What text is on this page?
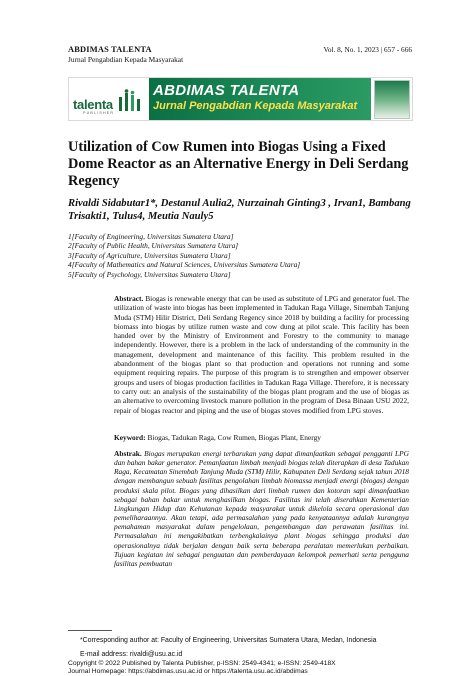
ABDIMAS TALENTA
Jurnal Pengabdian Kepada Masyarakat
Vol. 8, No. 1, 2023 | 657 - 666
talenta
PUBLISHER
ABDIMAS TALENTA
Jurnal Pengabdian Kepada Masyarakat
Utilization of Cow Rumen into Biogas Using a Fixed Dome Reactor as an Alternative Energy in Deli Serdang Regency
Rivaldi Sidabutar1*, Destanul Aulia2, Nurzainah Ginting3 , Irvan1, Bambang Trisakti1, Tulus4, Meutia Nauly5
1[Faculty of Engineering, Universitas Sumatera Utara]
2[Faculty of Public Health, Universitas Sumatera Utara]
3[Faculty of Agriculture, Universitas Sumatera Utara]
4[Faculty of Mathematics and Natural Sciences, Universitas Sumatera Utara]
5[Faculty of Psychology, Universitas Sumatera Utara]
Abstract. Biogas is renewable energy that can be used as substitute of LPG and generator fuel. The utilization of waste into biogas has been implemented in Tadukan Raga Village, Sinembah Tanjung Muda (STM) Hilir District, Deli Serdang Regency since 2018 by building a facility for processing biomass into biogas by utilize rumen waste and cow dung at pilot scale. This facility has been handed over by the Ministry of Environment and Forestry to the community to manage independently. However, there is a problem in the lack of understanding of the community in the management, development and maintenance of this facility. This problem resulted in the abandonment of the biogas plant so that production and operations not running and some equipment requiring repairs. The purpose of this program is to strengthen and empower observer groups and users of biogas production facilities in Tadukan Raga Village. Therefore, it is necessary to carry out: an analysis of the sustainability of the biogas plant program and the use of biogas as an alternative to overcoming livestock manure pollution in the program of Desa Binaan USU 2022, repair of biogas reactor and piping and the use of biogas stoves modified from LPG stoves.
Keyword: Biogas, Tadukan Raga, Cow Rumen, Biogas Plant, Energy
Abstrak. Biogas merupakan energi terbarukan yang dapat dimanfaatkan sebagai pengganti LPG dan bahan bakar generator. Pemanfaatan limbah menjadi biogas telah diterapkan di desa Tadukan Raga, Kecamatan Sinembah Tanjung Muda (STM) Hilir, Kabupaten Deli Serdang sejak tahun 2018 dengan membangun sebuah fasilitas pengolahan limbah biomassa menjadi energi (biogas) dengan produksi skala pilot. Biogas yang dihasilkan dari limbah rumen dan kotoran sapi dimanfaatkan sebagai bahan bakar untuk menghasilkan biogas. Fasilitas ini telah diserahkan Kementerian Lingkungan Hidup dan Kehutanan kepada masyarakat untuk dikelola secara operasional dan pemeliharaannya. Akan tetapi, ada permasalahan yang pada kenyataannya adalah kurangnya pemahaman masyarakat dalam pengelolaan, pengembangan dan perawatan fasilitas ini. Permasalahan ini mengakibatkan terbengkalainya plant biogas sehingga produksi dan operasionalnya tidak berjalan dengan baik serta beberapa peralatan memerlukan perbaikan. Tujuan kegiatan ini sebagai penguatan dan pemberdayaan kelompok pemerhati serta pengguna fasilitas pembuatan
*Corresponding author at: Faculty of Engineering, Universitas Sumatera Utara, Medan, Indonesia
E-mail address: rivaldi@usu.ac.id
Copyright © 2022 Published by Talenta Publisher, p-ISSN: 2549-4341; e-ISSN: 2549-418X
Journal Homepage: https://abdimas.usu.ac.id or https://talenta.usu.ac.id/abdimas
